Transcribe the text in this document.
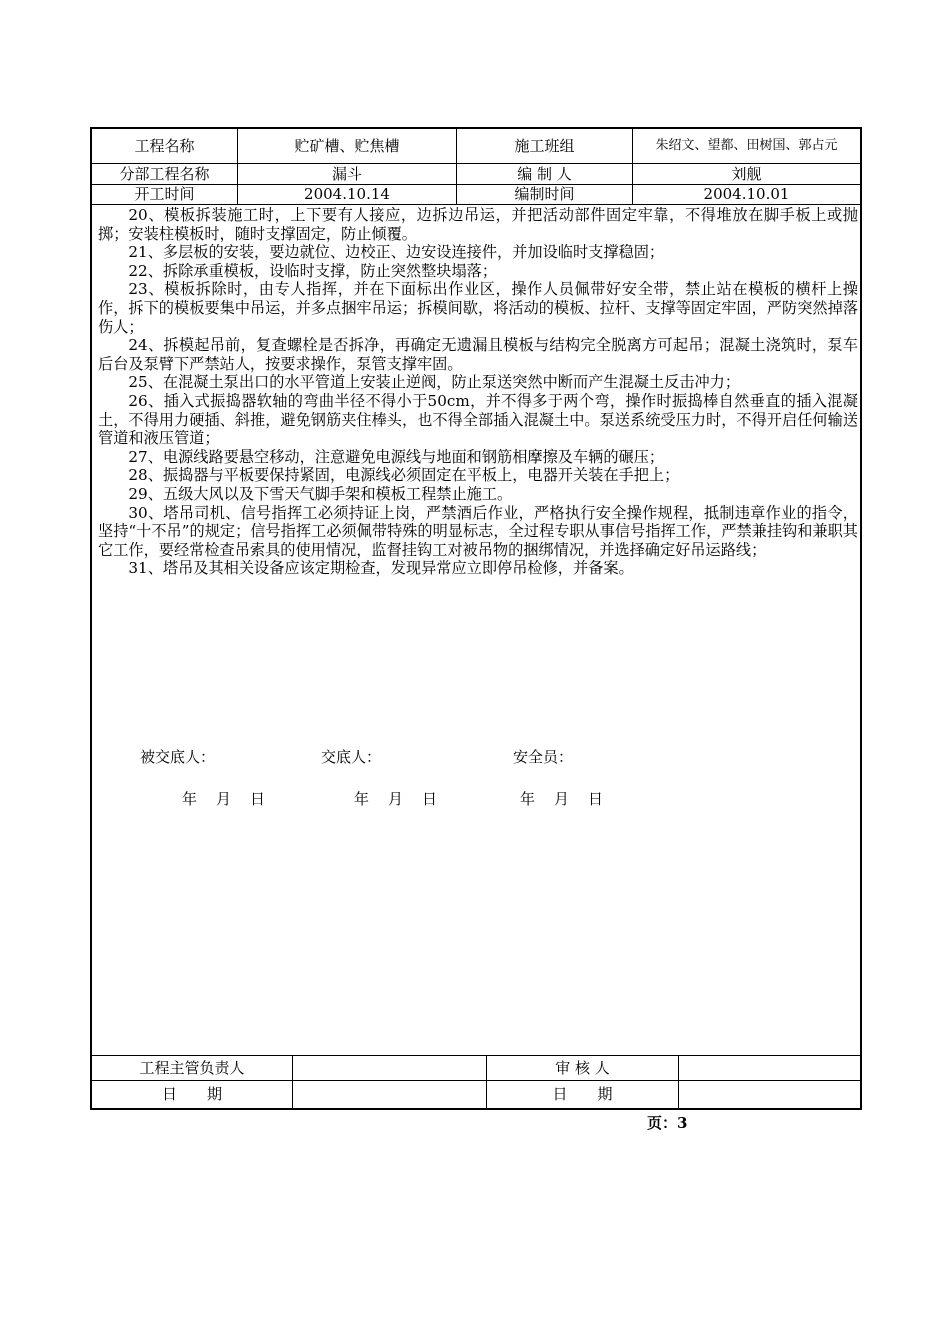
工程名称	贮矿槽、贮焦槽	施工班组	朱绍文、望都、田树国、郭占元
分部工程名称	漏斗	编 制 人	刘舰
开工时间	2004.10.14	编制时间	2004.10.01

20、模板拆装施工时，上下要有人接应，边拆边吊运，并把活动部件固定牢靠，不得堆放在脚手板上或抛掷；安装柱模板时，随时支撑固定，防止倾覆。

21、多层板的安装，要边就位、边校正、边安设连接件，并加设临时支撑稳固；

22、拆除承重模板，设临时支撑，防止突然整块塌落；

23、模板拆除时，由专人指挥，并在下面标出作业区，操作人员佩带好安全带，禁止站在模板的横杆上操作，拆下的模板要集中吊运，并多点捆牢吊运；拆模间歇，将活动的模板、拉杆、支撑等固定牢固，严防突然掉落伤人；

24、拆模起吊前，复查螺栓是否拆净，再确定无遗漏且模板与结构完全脱离方可起吊；混凝土浇筑时，泵车后台及泵臂下严禁站人，按要求操作，泵管支撑牢固。

25、在混凝土泵出口的水平管道上安装止逆阀，防止泵送突然中断而产生混凝土反击冲力；

26、插入式振捣器软轴的弯曲半径不得小于50cm，并不得多于两个弯，操作时振捣棒自然垂直的插入混凝土，不得用力硬插、斜推，避免钢筋夹住棒头，也不得全部插入混凝土中。泵送系统受压力时，不得开启任何输送管道和液压管道；

27、电源线路要悬空移动，注意避免电源线与地面和钢筋相摩擦及车辆的碾压；

28、振捣器与平板要保持紧固，电源线必须固定在平板上，电器开关装在手把上；

29、五级大风以及下雪天气脚手架和模板工程禁止施工。

30、塔吊司机、信号指挥工必须持证上岗，严禁酒后作业，严格执行安全操作规程，抵制违章作业的指令，坚持“十不吊”的规定；信号指挥工必须佩带特殊的明显标志，全过程专职从事信号指挥工作，严禁兼挂钩和兼职其它工作，要经常检查吊索具的使用情况，监督挂钩工对被吊物的捆绑情况，并选择确定好吊运路线；

31、塔吊及其相关设备应该定期检查，发现异常应立即停吊检修，并备案。

被交底人：	交底人：	安全员：
年 月 日	年 月 日	年 月 日
工程主管负责人	审 核 人
日　　期	日　　期
页：3
